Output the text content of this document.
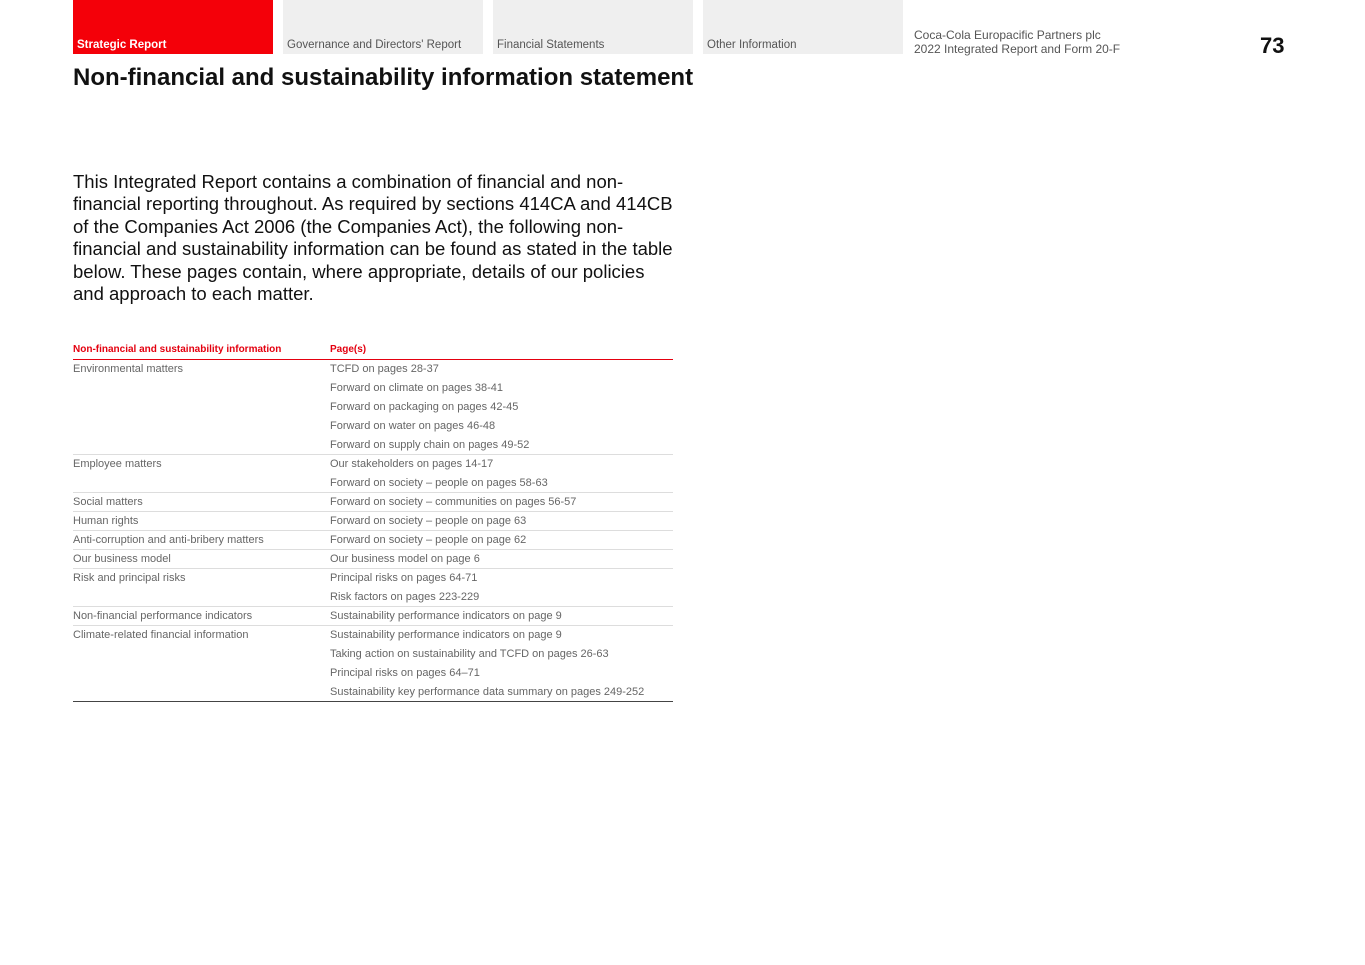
Strategic Report	Governance and Directors' Report	Financial Statements	Other Information
Coca-Cola Europacific Partners plc
2022 Integrated Report and Form 20-F	73
Non-financial and sustainability information statement

This Integrated Report contains a combination of financial and non-financial reporting throughout. As required by sections 414CA and 414CB of the Companies Act 2006 (the Companies Act), the following non-financial and sustainability information can be found as stated in the table below. These pages contain, where appropriate, details of our policies and approach to each matter.

Non-financial and sustainability information	Page(s)
Environmental matters	TCFD on pages 28-37
Forward on climate on pages 38-41
Forward on packaging on pages 42-45
Forward on water on pages 46-48
Forward on supply chain on pages 49-52

Employee matters	Our stakeholders on pages 14-17
Forward on society – people on pages 58-63

Social matters	Forward on society – communities on pages 56-57

Human rights	Forward on society – people on page 63

Anti-corruption and anti-bribery matters	Forward on society – people on page 62

Our business model	Our business model on page 6

Risk and principal risks	Principal risks on pages 64-71
Risk factors on pages 223-229

Non-financial performance indicators	Sustainability performance indicators on page 9

Climate-related financial information	Sustainability performance indicators on page 9
Taking action on sustainability and TCFD on pages 26-63
Principal risks on pages 64–71
Sustainability key performance data summary on pages 249-252
